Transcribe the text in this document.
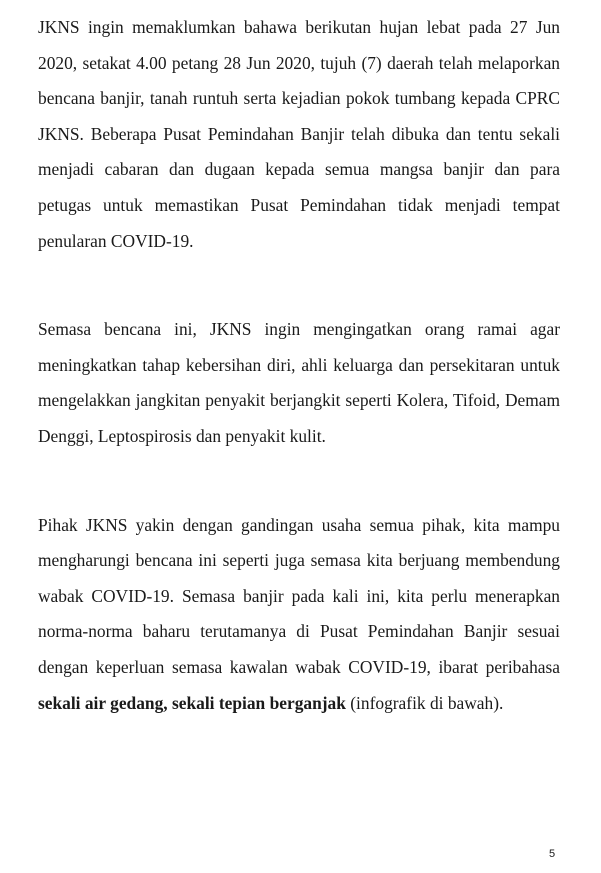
JKNS ingin memaklumkan bahawa berikutan hujan lebat pada 27 Jun 2020, setakat 4.00 petang 28 Jun 2020, tujuh (7) daerah telah melaporkan bencana banjir, tanah runtuh serta kejadian pokok tumbang kepada CPRC JKNS. Beberapa Pusat Pemindahan Banjir telah dibuka dan tentu sekali menjadi cabaran dan dugaan kepada semua mangsa banjir dan para petugas untuk memastikan Pusat Pemindahan tidak menjadi tempat penularan COVID-19.

Semasa bencana ini, JKNS ingin mengingatkan orang ramai agar meningkatkan tahap kebersihan diri, ahli keluarga dan persekitaran untuk mengelakkan jangkitan penyakit berjangkit seperti Kolera, Tifoid, Demam Denggi, Leptospirosis dan penyakit kulit.

Pihak JKNS yakin dengan gandingan usaha semua pihak, kita mampu mengharungi bencana ini seperti juga semasa kita berjuang membendung wabak COVID-19. Semasa banjir pada kali ini, kita perlu menerapkan norma-norma baharu terutamanya di Pusat Pemindahan Banjir sesuai dengan keperluan semasa kawalan wabak COVID-19, ibarat peribahasa sekali air gedang, sekali tepian berganjak (infografik di bawah).

5
